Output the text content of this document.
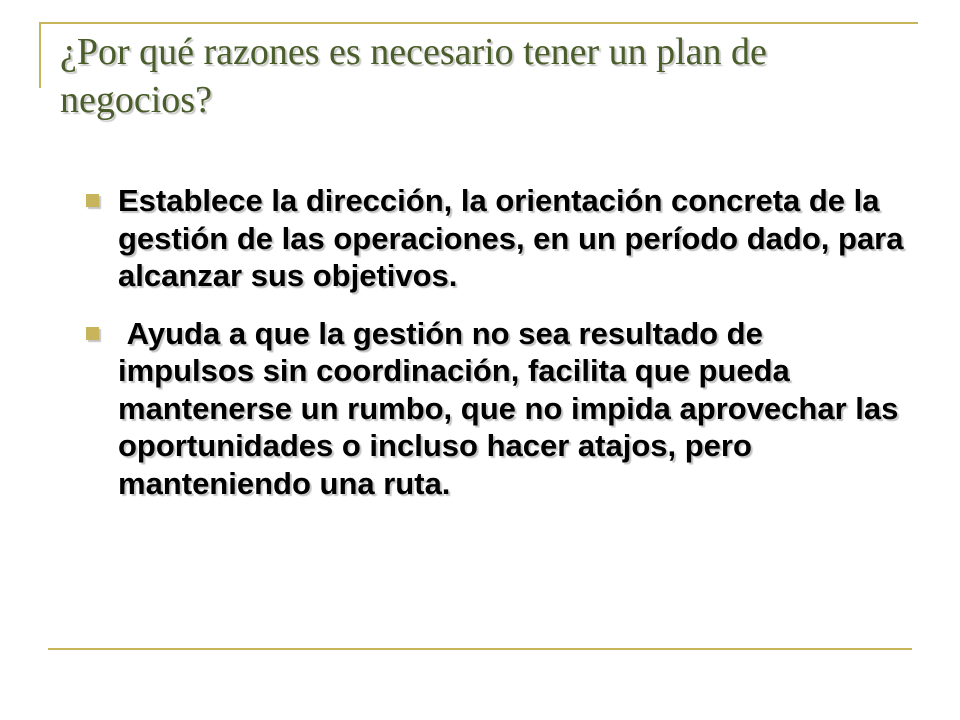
¿Por qué razones es necesario tener un plan de negocios?
Establece la dirección, la orientación concreta de la gestión de las operaciones, en un período dado, para alcanzar sus objetivos.
Ayuda a que la gestión no sea resultado de impulsos sin coordinación, facilita que pueda mantenerse un rumbo, que no impida aprovechar las oportunidades o incluso hacer atajos, pero manteniendo una ruta.
